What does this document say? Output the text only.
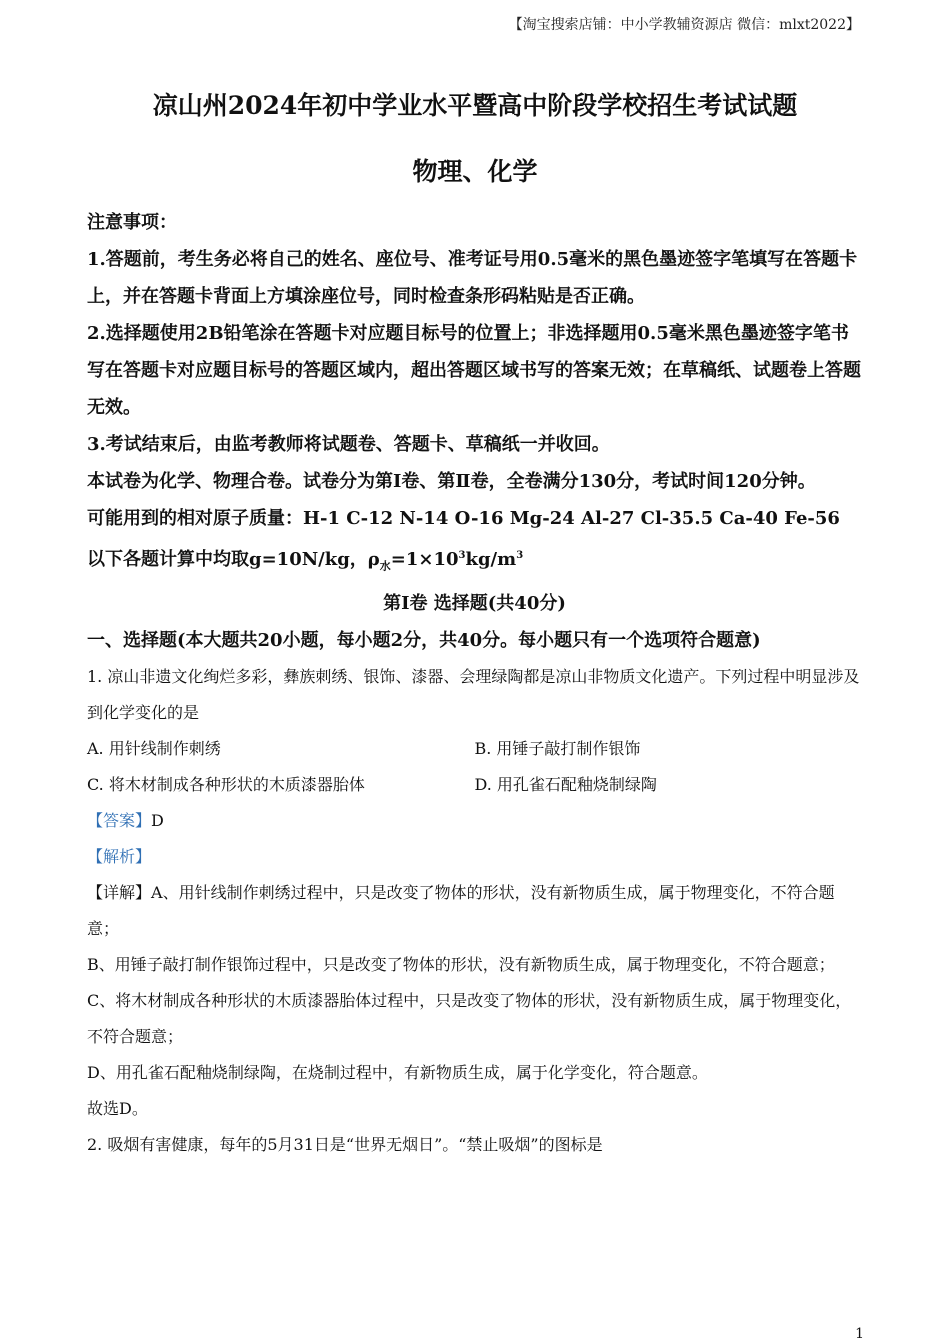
【淘宝搜索店铺：中小学教辅资源店 微信：mlxt2022】
凉山州2024年初中学业水平暨高中阶段学校招生考试试题
物理、化学

注意事项：

1.答题前，考生务必将自己的姓名、座位号、准考证号用0.5毫米的黑色墨迹签字笔填写在答题卡上，并在答题卡背面上方填涂座位号，同时检查条形码粘贴是否正确。

2.选择题使用2B铅笔涂在答题卡对应题目标号的位置上；非选择题用0.5毫米黑色墨迹签字笔书写在答题卡对应题目标号的答题区域内，超出答题区域书写的答案无效；在草稿纸、试题卷上答题无效。

3.考试结束后，由监考教师将试题卷、答题卡、草稿纸一并收回。

本试卷为化学、物理合卷。试卷分为第I卷、第Ⅱ卷，全卷满分130分，考试时间120分钟。

可能用到的相对原子质量：H-1 C-12 N-14 O-16 Mg-24 Al-27 Cl-35.5 Ca-40 Fe-56

以下各题计算中均取g=10N/kg，$\rho_水=1\times 10^3kg/m^3$

第I卷 选择题(共40分)

一、选择题(本大题共20小题，每小题2分，共40分。每小题只有一个选项符合题意)

1. 凉山非遗文化绚烂多彩，彝族刺绣、银饰、漆器、会理绿陶都是凉山非物质文化遗产。下列过程中明显涉及到化学变化的是

A. 用针线制作刺绣	B. 用锤子敲打制作银饰
C. 将木材制成各种形状的木质漆器胎体	D. 用孔雀石配釉烧制绿陶

【答案】D

【解析】

【详解】A、用针线制作刺绣过程中，只是改变了物体的形状，没有新物质生成，属于物理变化，不符合题意；

B、用锤子敲打制作银饰过程中，只是改变了物体的形状，没有新物质生成，属于物理变化，不符合题意；

C、将木材制成各种形状的木质漆器胎体过程中，只是改变了物体的形状，没有新物质生成，属于物理变化，不符合题意；

D、用孔雀石配釉烧制绿陶，在烧制过程中，有新物质生成，属于化学变化，符合题意。

故选D。

2. 吸烟有害健康，每年的5月31日是“世界无烟日”。“禁止吸烟”的图标是

1
